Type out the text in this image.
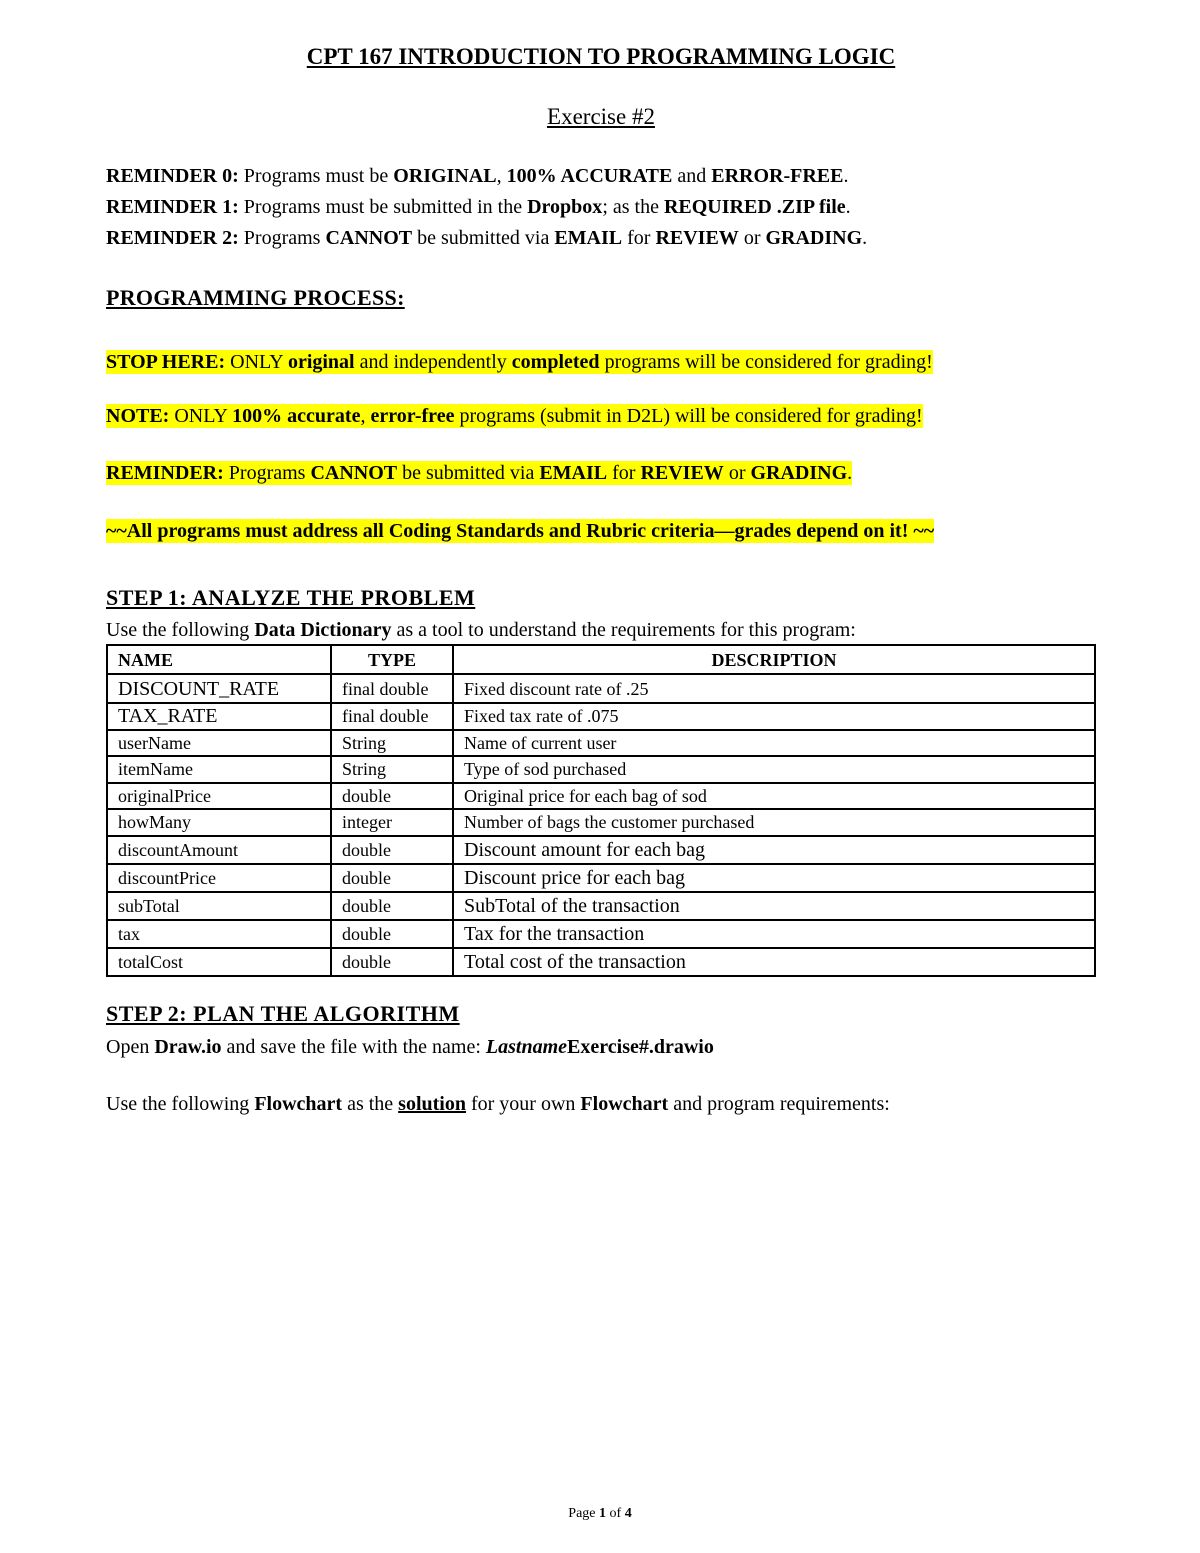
CPT 167 INTRODUCTION TO PROGRAMMING LOGIC
Exercise #2
REMINDER 0: Programs must be ORIGINAL, 100% ACCURATE and ERROR-FREE.
REMINDER 1: Programs must be submitted in the Dropbox; as the REQUIRED .ZIP file.
REMINDER 2: Programs CANNOT be submitted via EMAIL for REVIEW or GRADING.
PROGRAMMING PROCESS:
STOP HERE: ONLY original and independently completed programs will be considered for grading!
NOTE: ONLY 100% accurate, error-free programs (submit in D2L) will be considered for grading!
REMINDER: Programs CANNOT be submitted via EMAIL for REVIEW or GRADING.
~~All programs must address all Coding Standards and Rubric criteria—grades depend on it! ~~
STEP 1: ANALYZE THE PROBLEM
Use the following Data Dictionary as a tool to understand the requirements for this program:
NAME	TYPE	DESCRIPTION
DISCOUNT_RATE	final double	Fixed discount rate of .25
TAX_RATE	final double	Fixed tax rate of .075
userName	String	Name of current user
itemName	String	Type of sod purchased
originalPrice	double	Original price for each bag of sod
howMany	integer	Number of bags the customer purchased
discountAmount	double	Discount amount for each bag
discountPrice	double	Discount price for each bag
subTotal	double	SubTotal of the transaction
tax	double	Tax for the transaction
totalCost	double	Total cost of the transaction
STEP 2: PLAN THE ALGORITHM
Open Draw.io and save the file with the name: LastnameExercise#.drawio
Use the following Flowchart as the solution for your own Flowchart and program requirements:
Page 1 of 4
